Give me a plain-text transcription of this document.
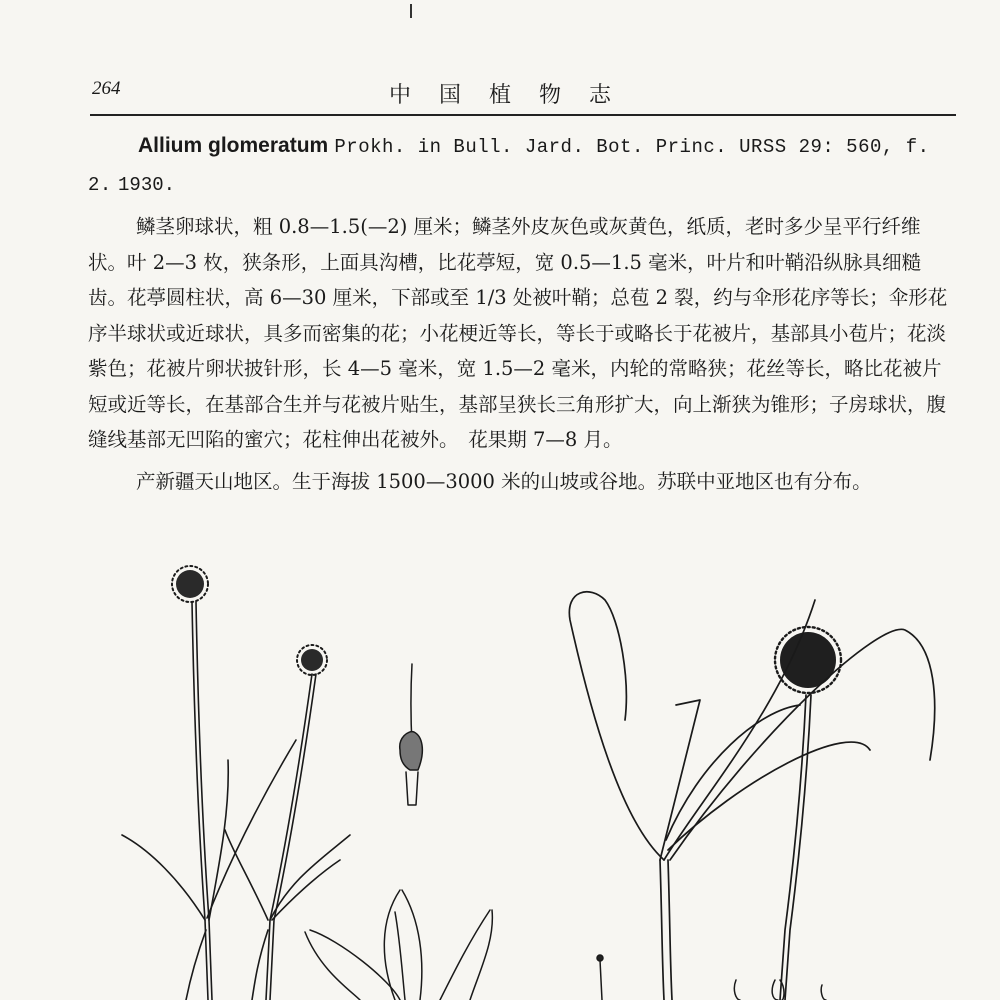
264	中国植物志

Allium glomeratum Prokh. in Bull. Jard. Bot. Princ. URSS 29: 560, f. 2. 1930.

鳞茎卵球状，粗 0.8—1.5(—2) 厘米；鳞茎外皮灰色或灰黄色，纸质，老时多少呈平行纤维状。叶 2—3 枚，狭条形，上面具沟槽，比花葶短，宽 0.5—1.5 毫米，叶片和叶鞘沿纵脉具细糙齿。花葶圆柱状，高 6—30 厘米，下部或至 1/3 处被叶鞘；总苞 2 裂，约与伞形花序等长；伞形花序半球状或近球状，具多而密集的花；小花梗近等长，等长于或略长于花被片，基部具小苞片；花淡紫色；花被片卵状披针形，长 4—5 毫米，宽 1.5—2 毫米，内轮的常略狭；花丝等长，略比花被片短或近等长，在基部合生并与花被片贴生，基部呈狭长三角形扩大，向上渐狭为锥形；子房球状，腹缝线基部无凹陷的蜜穴；花柱伸出花被外。　花果期 7—8 月。

产新疆天山地区。生于海拔 1500—3000 米的山坡或谷地。苏联中亚地区也有分布。
